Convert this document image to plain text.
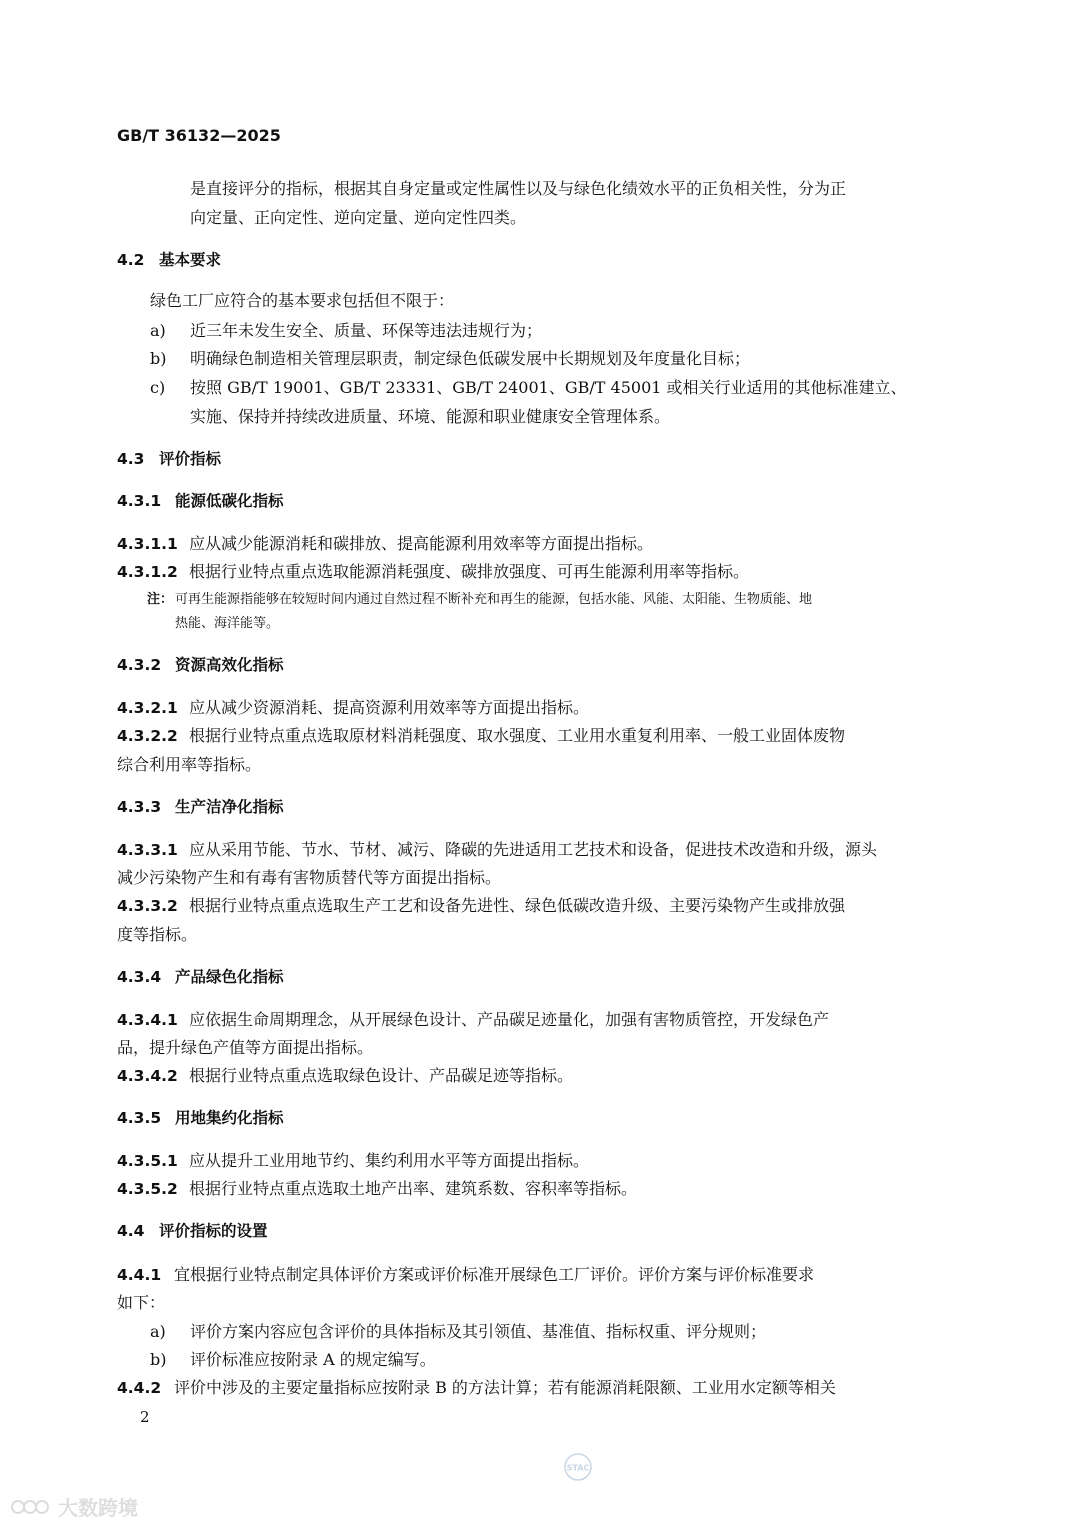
GB/T 36132—2025
是直接评分的指标，根据其自身定量或定性属性以及与绿色化绩效水平的正负相关性，分为正
向定量、正向定性、逆向定量、逆向定性四类。
4.2 基本要求
绿色工厂应符合的基本要求包括但不限于：
a) 近三年未发生安全、质量、环保等违法违规行为；
b) 明确绿色制造相关管理层职责，制定绿色低碳发展中长期规划及年度量化目标；
c) 按照 GB/T 19001、GB/T 23331、GB/T 24001、GB/T 45001 或相关行业适用的其他标准建立、
实施、保持并持续改进质量、环境、能源和职业健康安全管理体系。
4.3 评价指标
4.3.1 能源低碳化指标
4.3.1.1 应从减少能源消耗和碳排放、提高能源利用效率等方面提出指标。
4.3.1.2 根据行业特点重点选取能源消耗强度、碳排放强度、可再生能源利用率等指标。
注： 可再生能源指能够在较短时间内通过自然过程不断补充和再生的能源，包括水能、风能、太阳能、生物质能、地
热能、海洋能等。
4.3.2 资源高效化指标
4.3.2.1 应从减少资源消耗、提高资源利用效率等方面提出指标。
4.3.2.2 根据行业特点重点选取原材料消耗强度、取水强度、工业用水重复利用率、一般工业固体废物
综合利用率等指标。
4.3.3 生产洁净化指标
4.3.3.1 应从采用节能、节水、节材、减污、降碳的先进适用工艺技术和设备，促进技术改造和升级，源头
减少污染物产生和有毒有害物质替代等方面提出指标。
4.3.3.2 根据行业特点重点选取生产工艺和设备先进性、绿色低碳改造升级、主要污染物产生或排放强
度等指标。
4.3.4 产品绿色化指标
4.3.4.1 应依据生命周期理念，从开展绿色设计、产品碳足迹量化，加强有害物质管控，开发绿色产
品，提升绿色产值等方面提出指标。
4.3.4.2 根据行业特点重点选取绿色设计、产品碳足迹等指标。
4.3.5 用地集约化指标
4.3.5.1 应从提升工业用地节约、集约利用水平等方面提出指标。
4.3.5.2 根据行业特点重点选取土地产出率、建筑系数、容积率等指标。
4.4 评价指标的设置
4.4.1 宜根据行业特点制定具体评价方案或评价标准开展绿色工厂评价。评价方案与评价标准要求
如下：
a) 评价方案内容应包含评价的具体指标及其引领值、基准值、指标权重、评分规则；
b) 评价标准应按附录 A 的规定编写。
4.4.2 评价中涉及的主要定量指标应按附录 B 的方法计算；若有能源消耗限额、工业用水定额等相关
2
STAC
大数跨境
